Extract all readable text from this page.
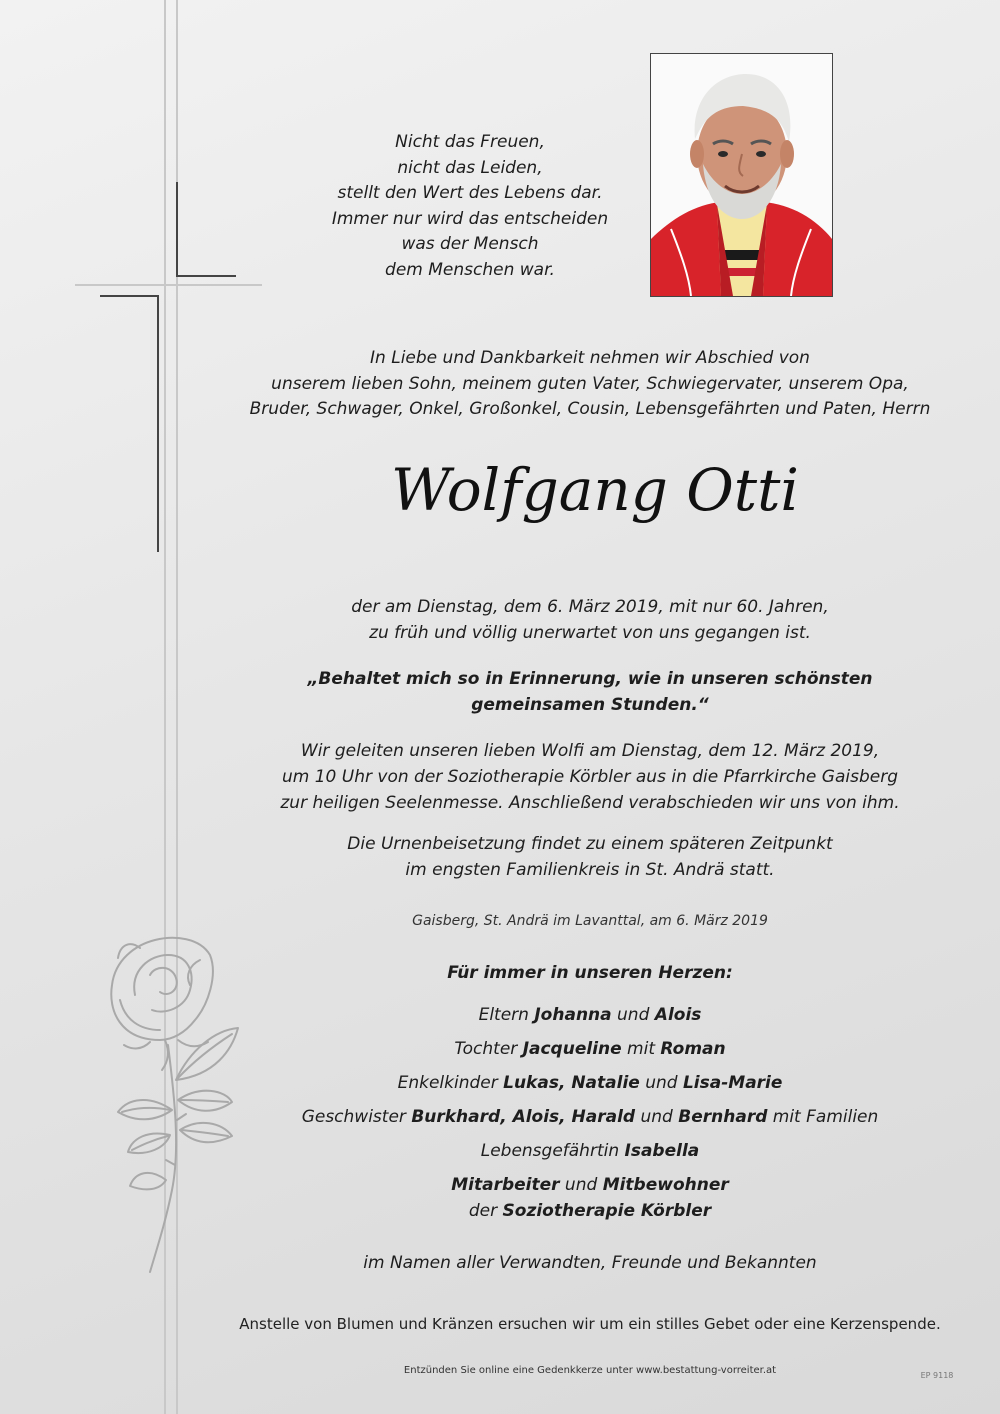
Nicht das Freuen,
nicht das Leiden,
stellt den Wert des Lebens dar.
Immer nur wird das entscheiden
was der Mensch
dem Menschen war.
In Liebe und Dankbarkeit nehmen wir Abschied von
unserem lieben Sohn, meinem guten Vater, Schwiegervater, unserem Opa,
Bruder, Schwager, Onkel, Großonkel, Cousin, Lebensgefährten und Paten, Herrn
Wolfgang Otti
der am Dienstag, dem 6. März 2019, mit nur 60. Jahren,
zu früh und völlig unerwartet von uns gegangen ist.
„Behaltet mich so in Erinnerung, wie in unseren schönsten
gemeinsamen Stunden.“
Wir geleiten unseren lieben Wolfi am Dienstag, dem 12. März 2019,
um 10 Uhr von der Soziotherapie Körbler aus in die Pfarrkirche Gaisberg
zur heiligen Seelenmesse. Anschließend verabschieden wir uns von ihm.
Die Urnenbeisetzung findet zu einem späteren Zeitpunkt
im engsten Familienkreis in St. Andrä statt.
Gaisberg, St. Andrä im Lavanttal, am 6. März 2019
Für immer in unseren Herzen:
Eltern Johanna und Alois
Tochter Jacqueline mit Roman
Enkelkinder Lukas, Natalie und Lisa-Marie
Geschwister Burkhard, Alois, Harald und Bernhard mit Familien
Lebensgefährtin Isabella
Mitarbeiter und Mitbewohner
der Soziotherapie Körbler
im Namen aller Verwandten, Freunde und Bekannten
Anstelle von Blumen und Kränzen ersuchen wir um ein stilles Gebet oder eine Kerzenspende.
Entzünden Sie online eine Gedenkkerze unter www.bestattung-vorreiter.at	EP 9118
